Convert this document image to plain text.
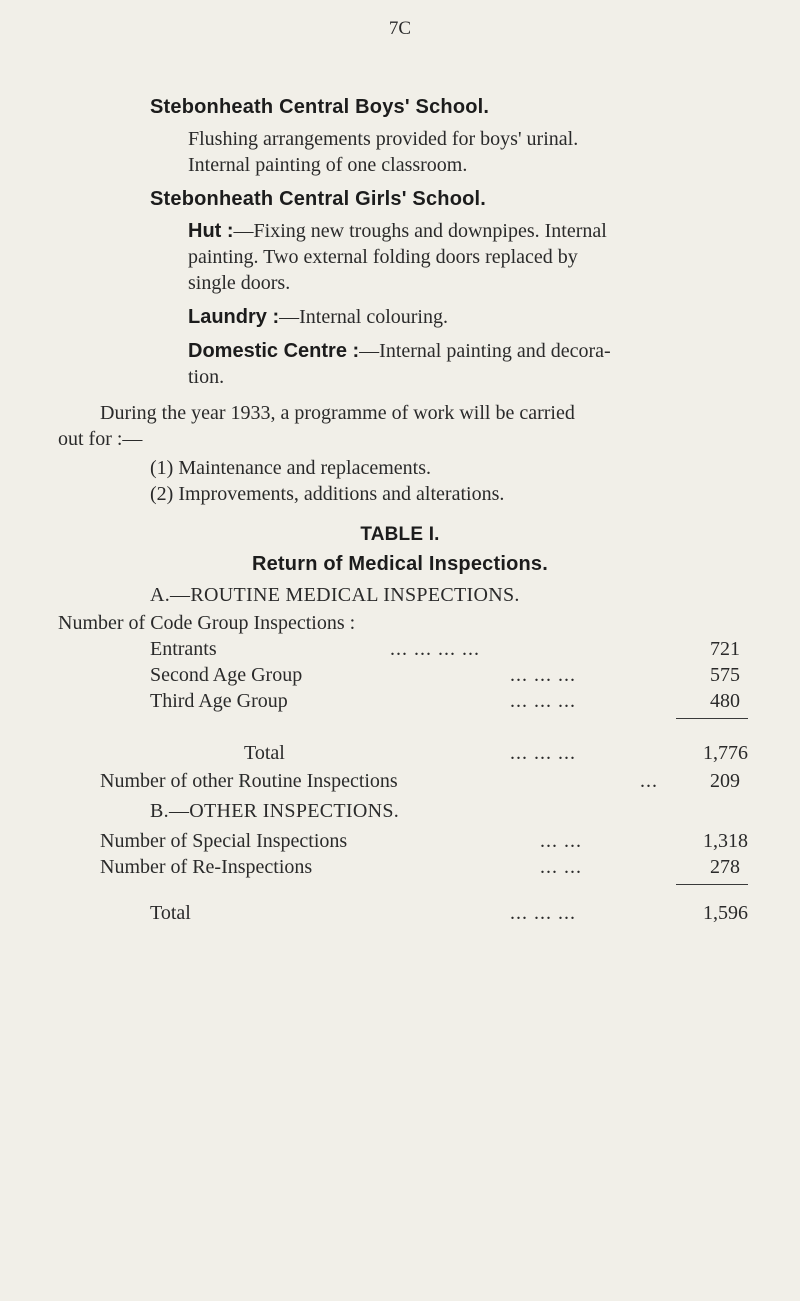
7C
Stebonheath Central Boys' School.
Flushing arrangements provided for boys' urinal.
Internal painting of one classroom.
Stebonheath Central Girls' School.
Hut :—Fixing new troughs and downpipes. Internal
painting. Two external folding doors replaced by
single doors.
Laundry :—Internal colouring.
Domestic Centre :—Internal painting and decora-
tion.
During the year 1933, a programme of work will be carried
out for :—
(1) Maintenance and replacements.
(2) Improvements, additions and alterations.
TABLE I.
Return of Medical Inspections.
A.—ROUTINE MEDICAL INSPECTIONS.
Number of Code Group Inspections :
Entrants	... ... ... ...	721
Second Age Group	... ... ...	575
Third Age Group	... ... ...	480
Total	... ... ...	1,776
Number of other Routine Inspections	...	209
B.—OTHER INSPECTIONS.
Number of Special Inspections	... ...	1,318
Number of Re-Inspections	... ...	278
Total	... ... ...	1,596
